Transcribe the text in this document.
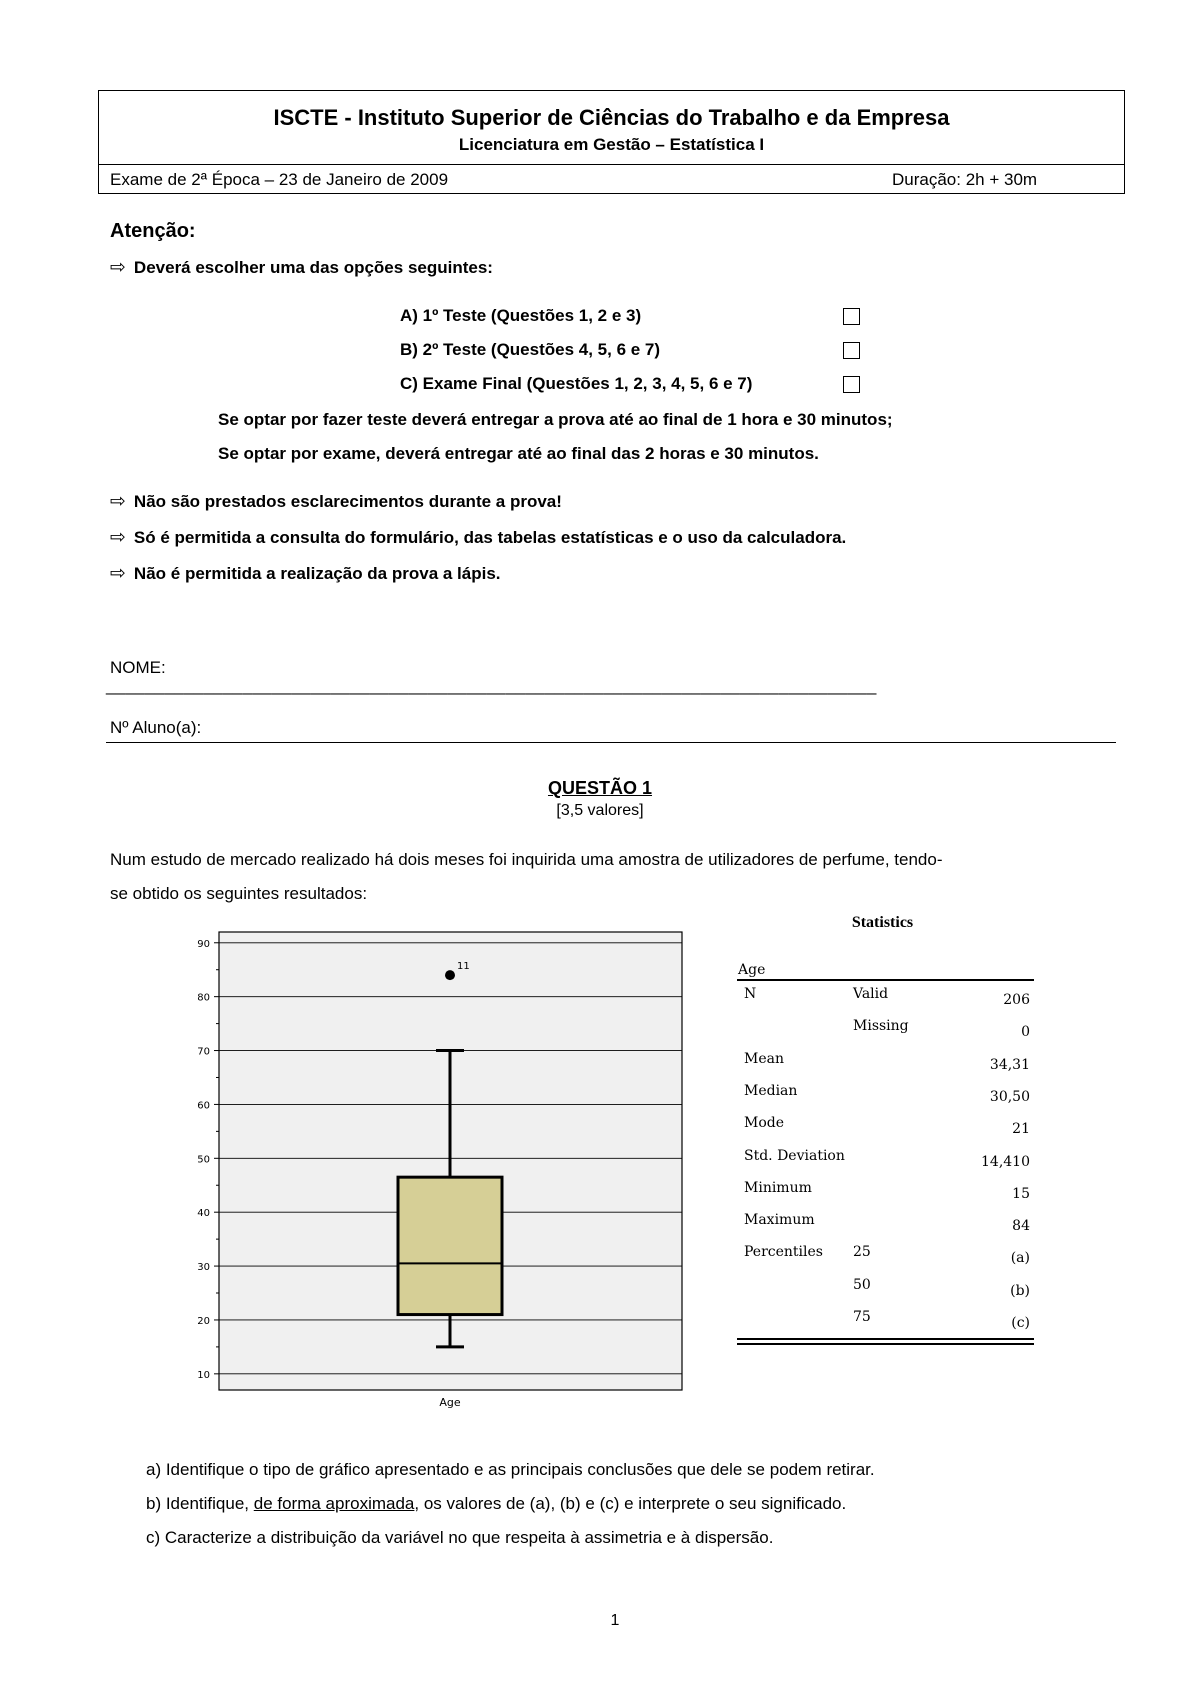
ISCTE - Instituto Superior de Ciências do Trabalho e da Empresa
Licenciatura em Gestão – Estatística I
Exame de 2ª Época – 23 de Janeiro de 2009	Duração: 2h + 30m
Atenção:
⇨ Deverá escolher uma das opções seguintes:
A) 1º Teste (Questões 1, 2 e 3)
B) 2º Teste (Questões 4, 5, 6 e 7)
C) Exame Final (Questões 1, 2, 3, 4, 5, 6 e 7)
Se optar por fazer teste deverá entregar a prova até ao final de 1 hora e 30 minutos;
Se optar por exame, deverá entregar até ao final das 2 horas e 30 minutos.
⇨ Não são prestados esclarecimentos durante a prova!
⇨ Só é permitida a consulta do formulário, das tabelas estatísticas e o uso da calculadora.
⇨ Não é permitida a realização da prova a lápis.
NOME:
_______________________________________________________________________________
Nº Aluno(a):
QUESTÃO 1
[3,5 valores]
Num estudo de mercado realizado há dois meses foi inquirida uma amostra de utilizadores de perfume, tendo-
se obtido os seguintes resultados:
10
20
30
40
50
60
70
80
90
11
Age
Statistics
Age
N	Valid	206
Missing	0
Mean	34,31
Median	30,50
Mode	21
Std. Deviation	14,410
Minimum	15
Maximum	84
Percentiles 25	(a)
50	(b)
75	(c)
a) Identifique o tipo de gráfico apresentado e as principais conclusões que dele se podem retirar.
b) Identifique, de forma aproximada, os valores de (a), (b) e (c) e interprete o seu significado.
c) Caracterize a distribuição da variável no que respeita à assimetria e à dispersão.
1
